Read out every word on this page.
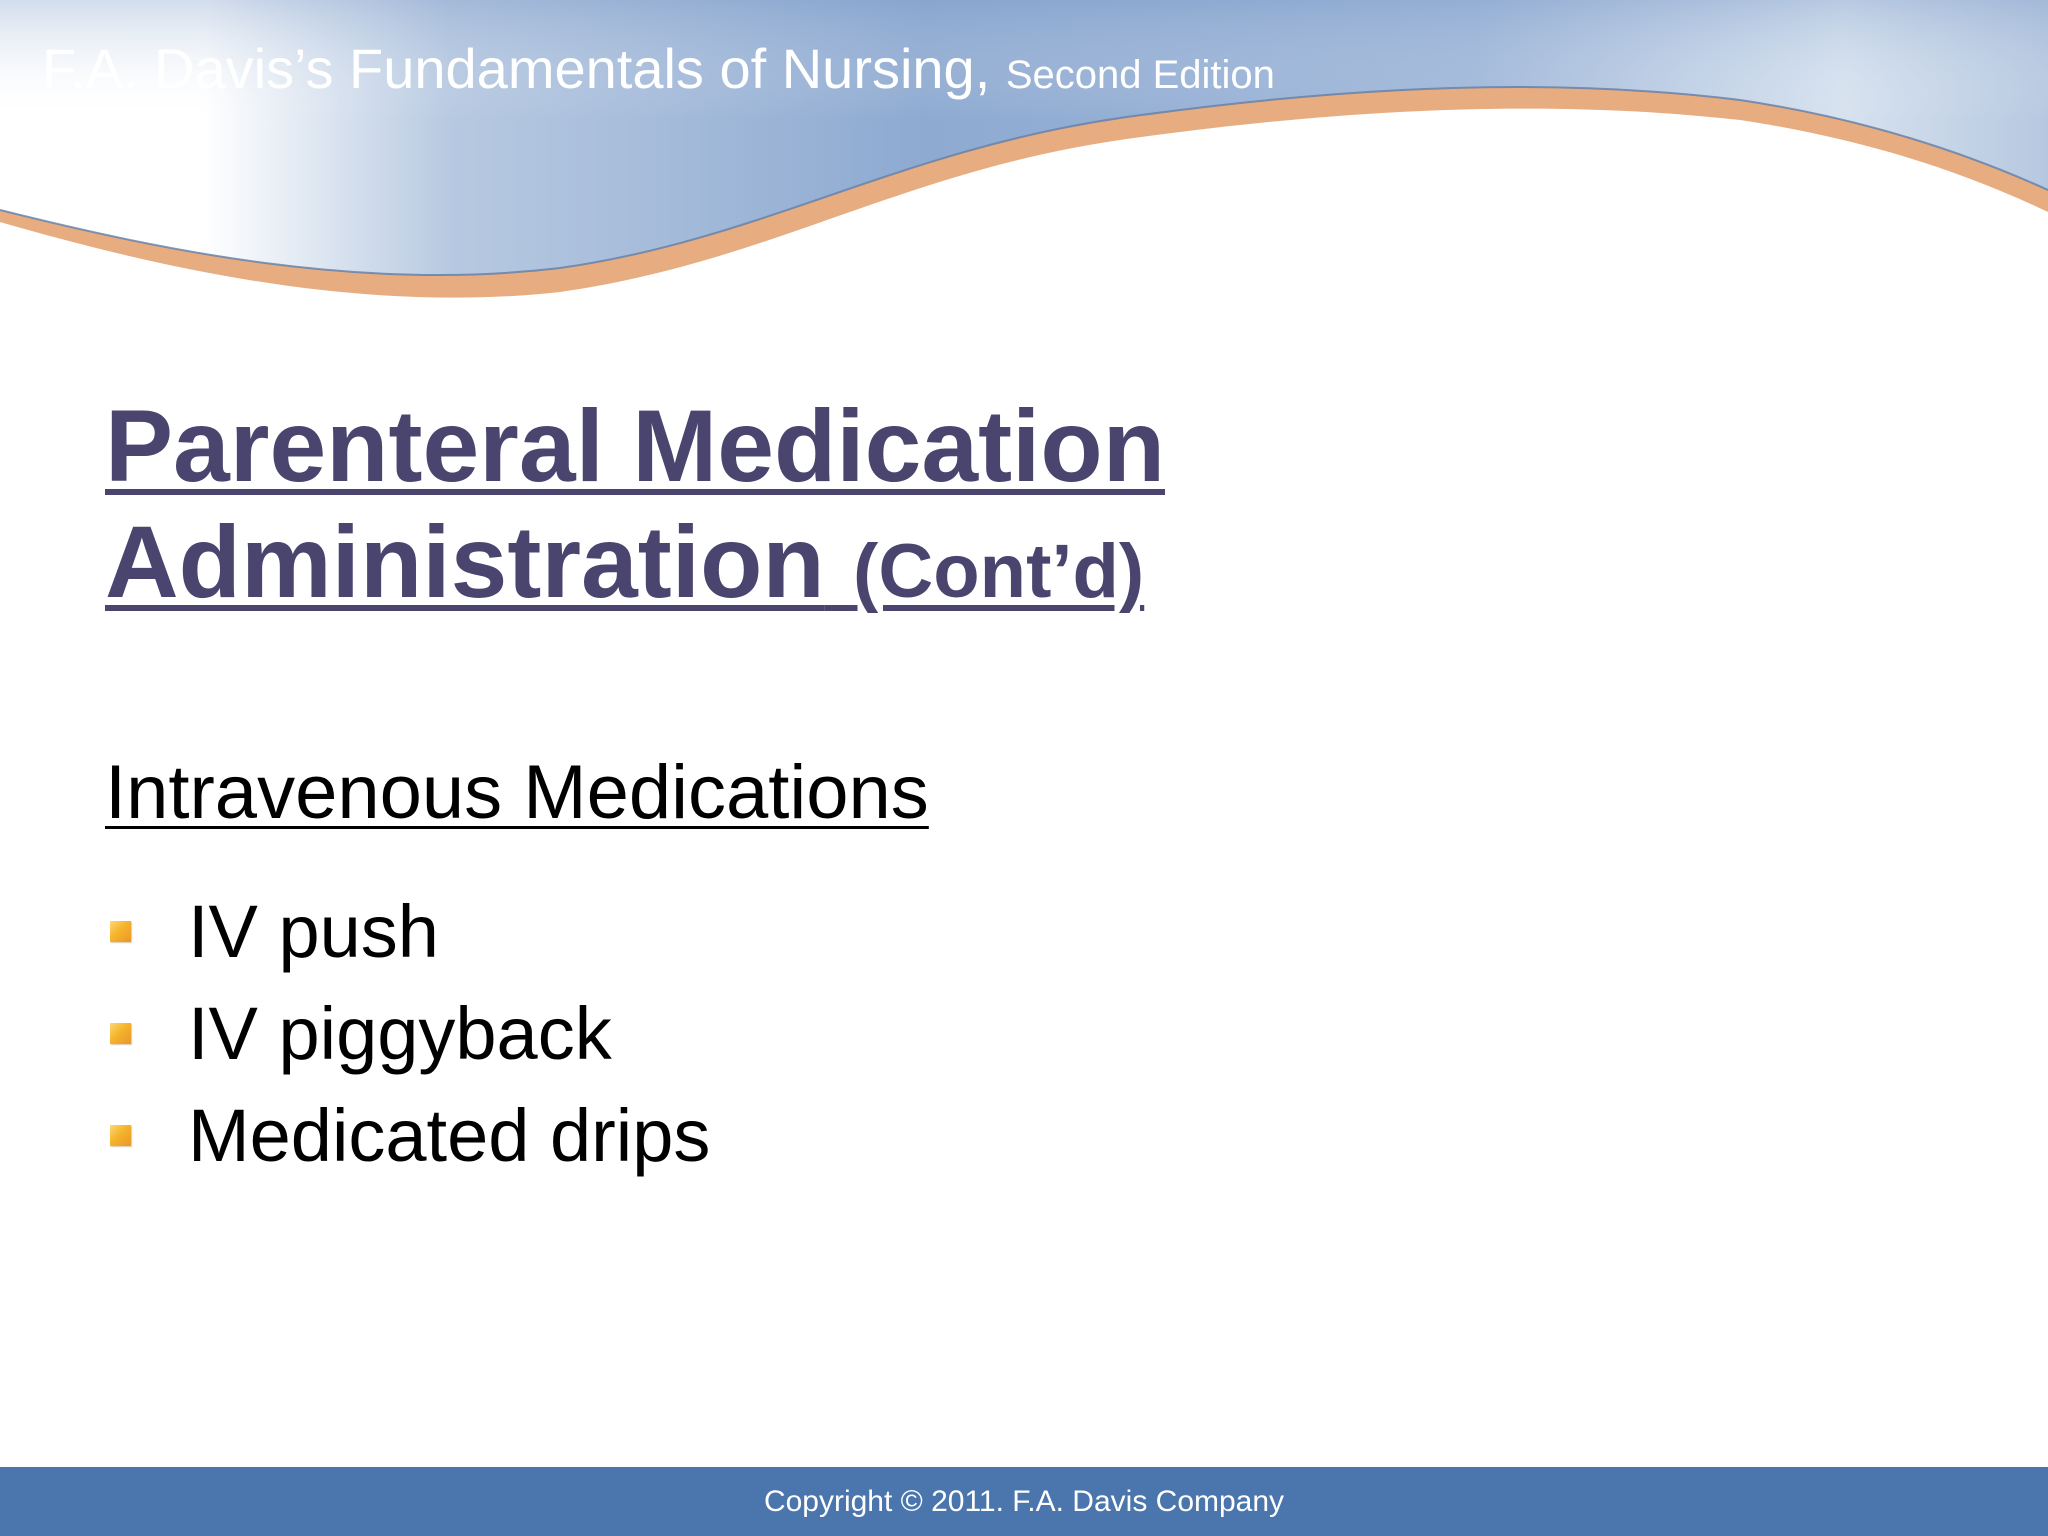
F.A. Davis’s Fundamentals of Nursing, Second Edition
Parenteral Medication
Administration (Cont’d)
Intravenous Medications
IV push
IV piggyback
Medicated drips
Copyright © 2011. F.A. Davis Company
